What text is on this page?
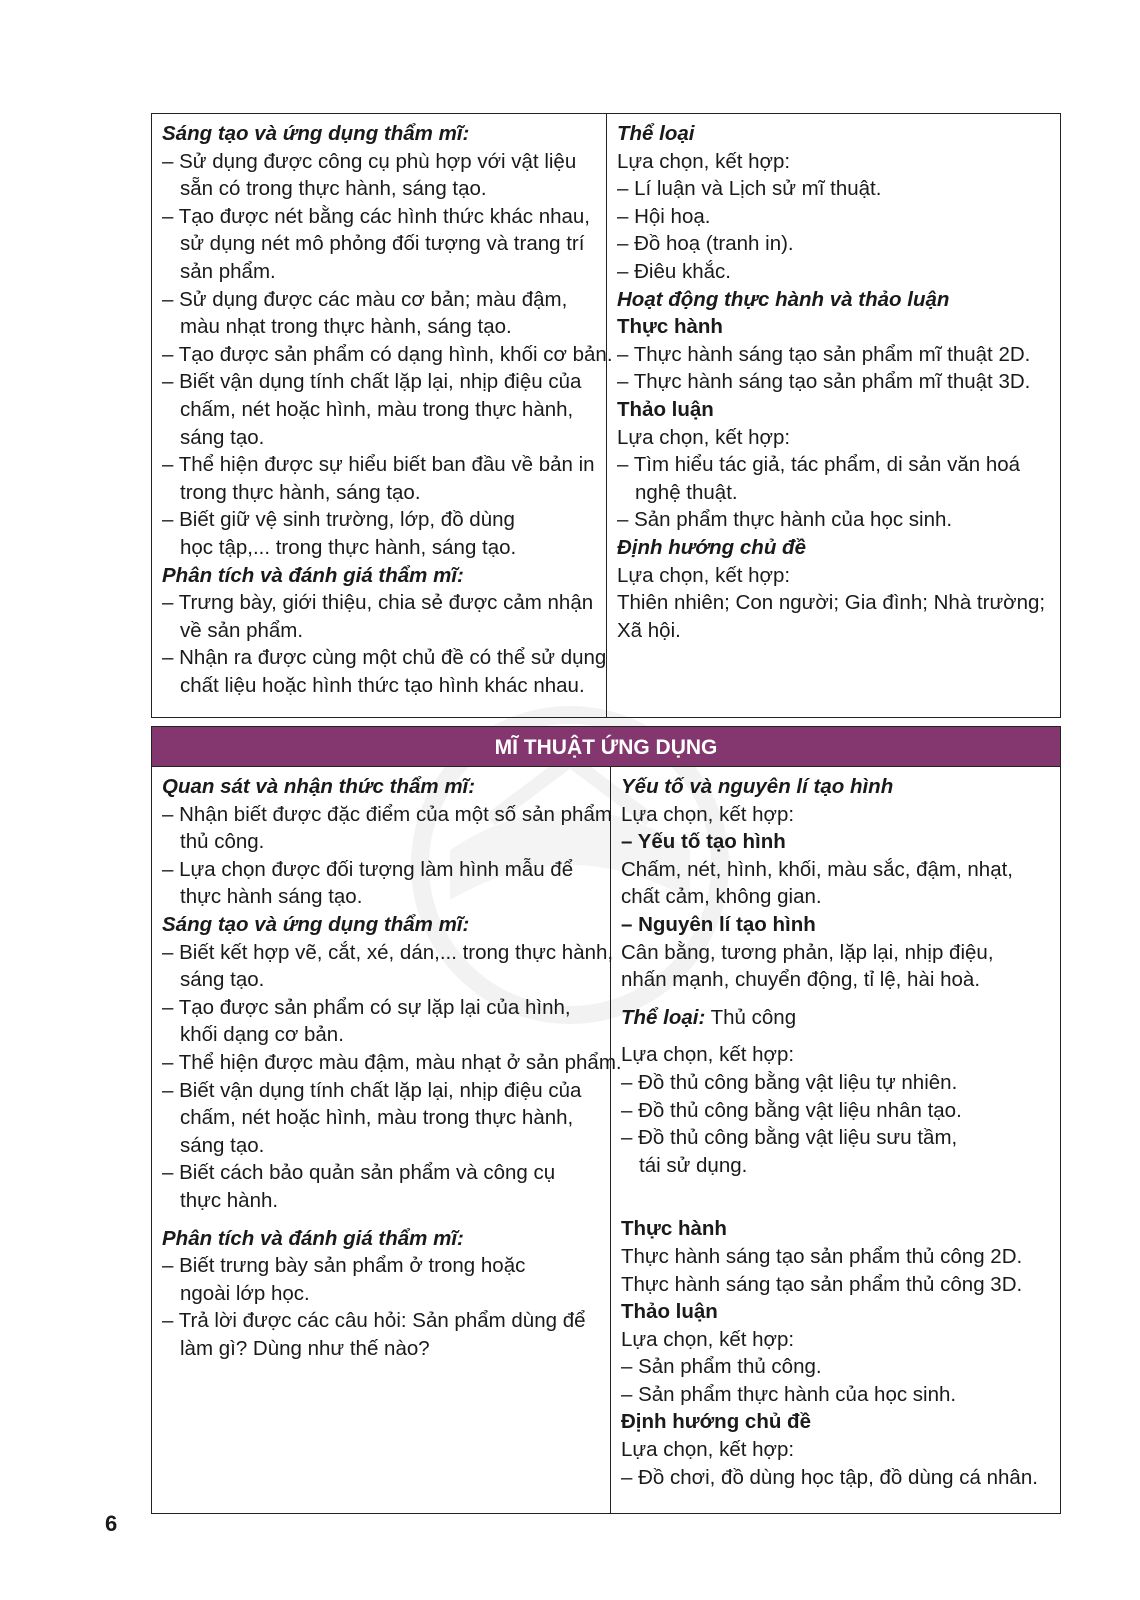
Sáng tạo và ứng dụng thẩm mĩ:
– Sử dụng được công cụ phù hợp với vật liệu
sẵn có trong thực hành, sáng tạo.
– Tạo được nét bằng các hình thức khác nhau,
sử dụng nét mô phỏng đối tượng và trang trí
sản phẩm.
– Sử dụng được các màu cơ bản; màu đậm,
màu nhạt trong thực hành, sáng tạo.
– Tạo được sản phẩm có dạng hình, khối cơ bản.
– Biết vận dụng tính chất lặp lại, nhịp điệu của
chấm, nét hoặc hình, màu trong thực hành,
sáng tạo.
– Thể hiện được sự hiểu biết ban đầu về bản in
trong thực hành, sáng tạo.
– Biết giữ vệ sinh trường, lớp, đồ dùng
học tập,... trong thực hành, sáng tạo.
Phân tích và đánh giá thẩm mĩ:
– Trưng bày, giới thiệu, chia sẻ được cảm nhận
về sản phẩm.
– Nhận ra được cùng một chủ đề có thể sử dụng
chất liệu hoặc hình thức tạo hình khác nhau.
Thể loại
Lựa chọn, kết hợp:
– Lí luận và Lịch sử mĩ thuật.
– Hội hoạ.
– Đồ hoạ (tranh in).
– Điêu khắc.
Hoạt động thực hành và thảo luận
Thực hành
– Thực hành sáng tạo sản phẩm mĩ thuật 2D.
– Thực hành sáng tạo sản phẩm mĩ thuật 3D.
Thảo luận
Lựa chọn, kết hợp:
– Tìm hiểu tác giả, tác phẩm, di sản văn hoá
nghệ thuật.
– Sản phẩm thực hành của học sinh.
Định hướng chủ đề
Lựa chọn, kết hợp:
Thiên nhiên; Con người; Gia đình; Nhà trường;
Xã hội.
MĨ THUẬT ỨNG DỤNG
Quan sát và nhận thức thẩm mĩ:
– Nhận biết được đặc điểm của một số sản phẩm
thủ công.
– Lựa chọn được đối tượng làm hình mẫu để
thực hành sáng tạo.
Sáng tạo và ứng dụng thẩm mĩ:
– Biết kết hợp vẽ, cắt, xé, dán,... trong thực hành,
sáng tạo.
– Tạo được sản phẩm có sự lặp lại của hình,
khối dạng cơ bản.
– Thể hiện được màu đậm, màu nhạt ở sản phẩm.
– Biết vận dụng tính chất lặp lại, nhịp điệu của
chấm, nét hoặc hình, màu trong thực hành,
sáng tạo.
– Biết cách bảo quản sản phẩm và công cụ
thực hành.
Phân tích và đánh giá thẩm mĩ:
– Biết trưng bày sản phẩm ở trong hoặc
ngoài lớp học.
– Trả lời được các câu hỏi: Sản phẩm dùng để
làm gì? Dùng như thế nào?
Yếu tố và nguyên lí tạo hình
Lựa chọn, kết hợp:
– Yếu tố tạo hình
Chấm, nét, hình, khối, màu sắc, đậm, nhạt,
chất cảm, không gian.
– Nguyên lí tạo hình
Cân bằng, tương phản, lặp lại, nhịp điệu,
nhấn mạnh, chuyển động, tỉ lệ, hài hoà.
Thể loại: Thủ công
Lựa chọn, kết hợp:
– Đồ thủ công bằng vật liệu tự nhiên.
– Đồ thủ công bằng vật liệu nhân tạo.
– Đồ thủ công bằng vật liệu sưu tầm,
tái sử dụng.
Thực hành
Thực hành sáng tạo sản phẩm thủ công 2D.
Thực hành sáng tạo sản phẩm thủ công 3D.
Thảo luận
Lựa chọn, kết hợp:
– Sản phẩm thủ công.
– Sản phẩm thực hành của học sinh.
Định hướng chủ đề
Lựa chọn, kết hợp:
– Đồ chơi, đồ dùng học tập, đồ dùng cá nhân.
6
